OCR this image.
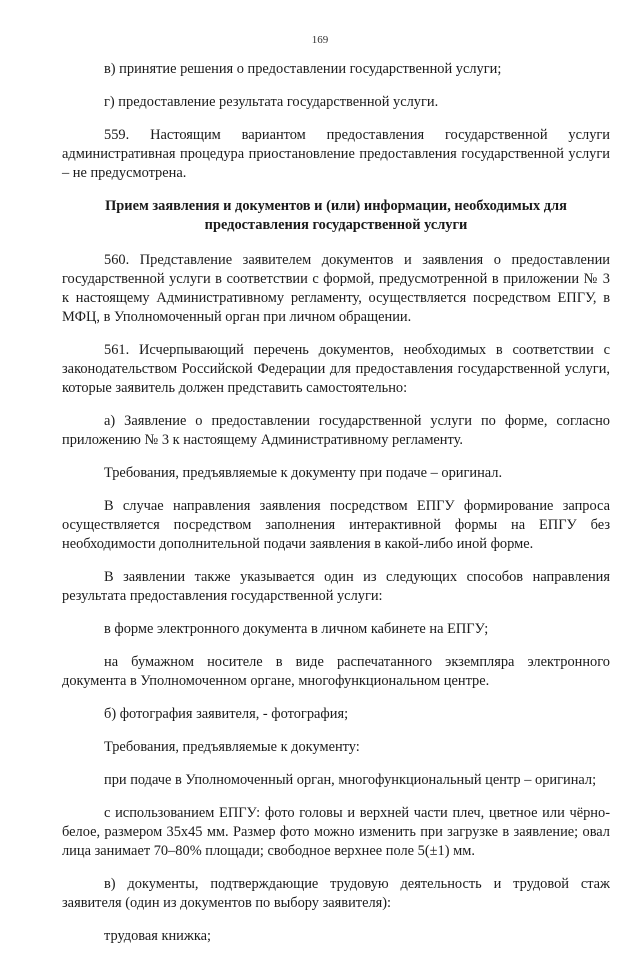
169

в) принятие решения о предоставлении государственной услуги;

г) предоставление результата государственной услуги.

559. Настоящим вариантом предоставления государственной услуги административная процедура приостановление предоставления государственной услуги – не предусмотрена.

Прием заявления и документов и (или) информации, необходимых для предоставления государственной услуги

560. Представление заявителем документов и заявления о предоставлении государственной услуги в соответствии с формой, предусмотренной в приложении № 3 к настоящему Административному регламенту, осуществляется посредством ЕПГУ, в МФЦ, в Уполномоченный орган при личном обращении.

561. Исчерпывающий перечень документов, необходимых в соответствии с законодательством Российской Федерации для предоставления государственной услуги, которые заявитель должен представить самостоятельно:

а) Заявление о предоставлении государственной услуги по форме, согласно приложению № 3 к настоящему Административному регламенту.

Требования, предъявляемые к документу при подаче – оригинал.

В случае направления заявления посредством ЕПГУ формирование запроса осуществляется посредством заполнения интерактивной формы на ЕПГУ без необходимости дополнительной подачи заявления в какой-либо иной форме.

В заявлении также указывается один из следующих способов направления результата предоставления государственной услуги:

в форме электронного документа в личном кабинете на ЕПГУ;

на бумажном носителе в виде распечатанного экземпляра электронного документа в Уполномоченном органе, многофункциональном центре.

б) фотография заявителя, - фотография;

Требования, предъявляемые к документу:

при подаче в Уполномоченный орган, многофункциональный центр – оригинал;

с использованием ЕПГУ: фото головы и верхней части плеч, цветное или чёрно-белое, размером 35х45 мм. Размер фото можно изменить при загрузке в заявление; овал лица занимает 70–80% площади; свободное верхнее поле 5(±1) мм.

в) документы, подтверждающие трудовую деятельность и трудовой стаж заявителя (один из документов по выбору заявителя):

трудовая книжка;
